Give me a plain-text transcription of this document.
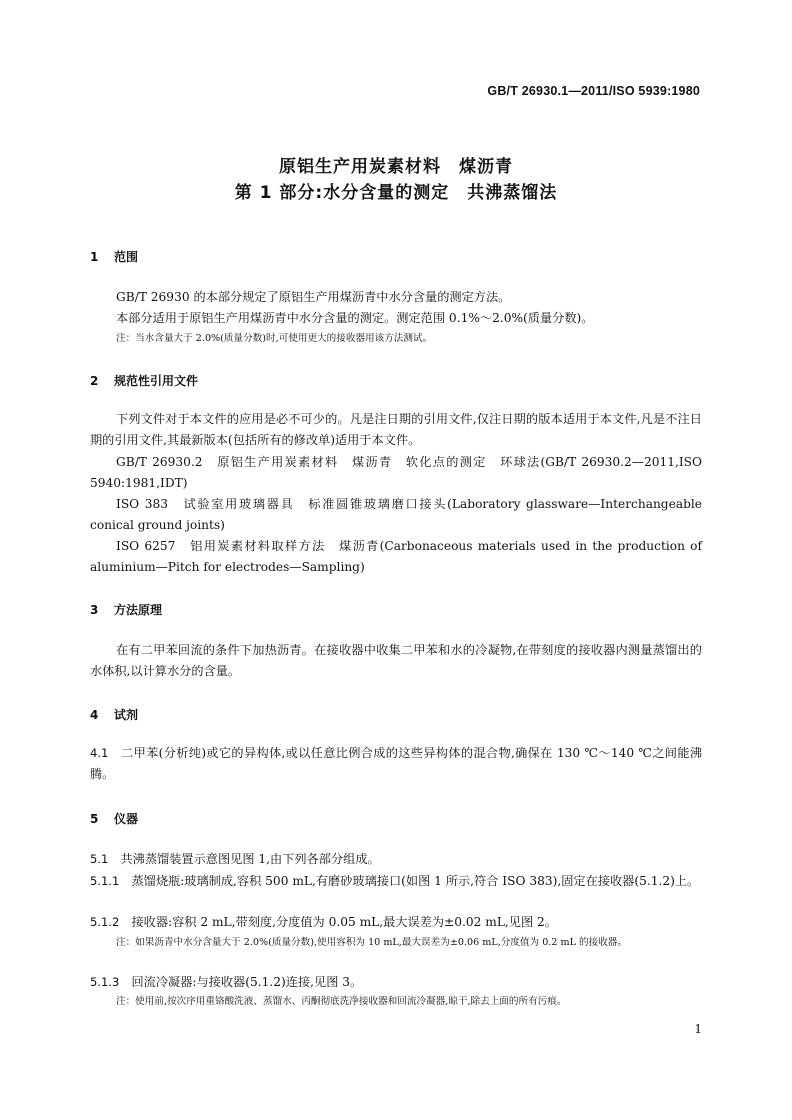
GB/T 26930.1—2011/ISO 5939:1980
原铝生产用炭素材料　煤沥青
第 1 部分:水分含量的测定　共沸蒸馏法
1 范围
GB/T 26930 的本部分规定了原铝生产用煤沥青中水分含量的测定方法。
本部分适用于原铝生产用煤沥青中水分含量的测定。测定范围 0.1%～2.0%(质量分数)。
注：当水含量大于 2.0%(质量分数)时,可使用更大的接收器用该方法测试。
2 规范性引用文件
下列文件对于本文件的应用是必不可少的。凡是注日期的引用文件,仅注日期的版本适用于本文件,凡是不注日期的引用文件,其最新版本(包括所有的修改单)适用于本文件。
GB/T 26930.2　原铝生产用炭素材料　煤沥青　软化点的测定　环球法(GB/T 26930.2—2011,ISO 5940:1981,IDT)
ISO 383　试验室用玻璃器具　标准圆锥玻璃磨口接头(Laboratory glassware—Interchangeable conical ground joints)
ISO 6257　铝用炭素材料取样方法　煤沥青(Carbonaceous materials used in the production of aluminium—Pitch for electrodes—Sampling)
3 方法原理
在有二甲苯回流的条件下加热沥青。在接收器中收集二甲苯和水的冷凝物,在带刻度的接收器内测量蒸馏出的水体积,以计算水分的含量。
4 试剂
4.1　 二甲苯(分析纯)或它的异构体,或以任意比例合成的这些异构体的混合物,确保在 130 ℃～140 ℃之间能沸腾。
5 仪器
5.1　 共沸蒸馏装置示意图见图 1,由下列各部分组成。
5.1.1　 蒸馏烧瓶:玻璃制成,容积 500 mL,有磨砂玻璃接口(如图 1 所示,符合 ISO 383),固定在接收器(5.1.2)上。
5.1.2　 接收器:容积 2 mL,带刻度,分度值为 0.05 mL,最大误差为±0.02 mL,见图 2。
注：如果沥青中水分含量大于 2.0%(质量分数),使用容积为 10 mL,最大误差为±0.06 mL,分度值为 0.2 mL 的接收器。
5.1.3　 回流冷凝器:与接收器(5.1.2)连接,见图 3。
注：使用前,按次序用重铬酸洗液、蒸馏水、丙酮彻底洗净接收器和回流冷凝器,晾干,除去上面的所有污痕。
1
